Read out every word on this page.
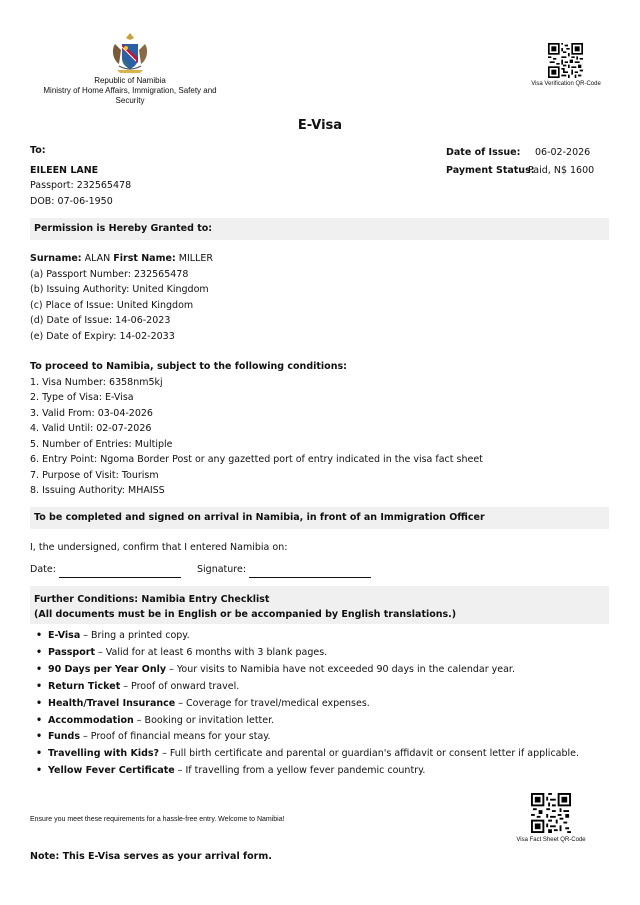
Republic of Namibia
Ministry of Home Affairs, Immigration, Safety and Security
Visa Verification QR-Code
E-Visa
To:
EILEEN LANE
Passport: 232565478
DOB: 07-06-1950
Date of Issue: 06-02-2026
Payment Status:
Paid, N$ 1600
Permission is Hereby Granted to:
Surname: ALAN First Name: MILLER
(a) Passport Number: 232565478
(b) Issuing Authority: United Kingdom
(c) Place of Issue: United Kingdom
(d) Date of Issue: 14-06-2023
(e) Date of Expiry: 14-02-2033
To proceed to Namibia, subject to the following conditions:
1. Visa Number: 6358nm5kj
2. Type of Visa: E-Visa
3. Valid From: 03-04-2026
4. Valid Until: 02-07-2026
5. Number of Entries: Multiple
6. Entry Point: Ngoma Border Post or any gazetted port of entry indicated in the visa fact sheet
7. Purpose of Visit: Tourism
8. Issuing Authority: MHAISS
To be completed and signed on arrival in Namibia, in front of an Immigration Officer
I, the undersigned, confirm that I entered Namibia on:
Date:	Signature:
Further Conditions: Namibia Entry Checklist
(All documents must be in English or be accompanied by English translations.)
• E-Visa – Bring a printed copy.
• Passport – Valid for at least 6 months with 3 blank pages.
• 90 Days per Year Only – Your visits to Namibia have not exceeded 90 days in the calendar year.
• Return Ticket – Proof of onward travel.
• Health/Travel Insurance – Coverage for travel/medical expenses.
• Accommodation – Booking or invitation letter.
• Funds – Proof of financial means for your stay.
• Travelling with Kids? – Full birth certificate and parental or guardian's affidavit or consent letter if applicable.
• Yellow Fever Certificate – If travelling from a yellow fever pandemic country.
Ensure you meet these requirements for a hassle-free entry. Welcome to Namibia!
Visa Fact Sheet QR-Code
Note: This E-Visa serves as your arrival form.
